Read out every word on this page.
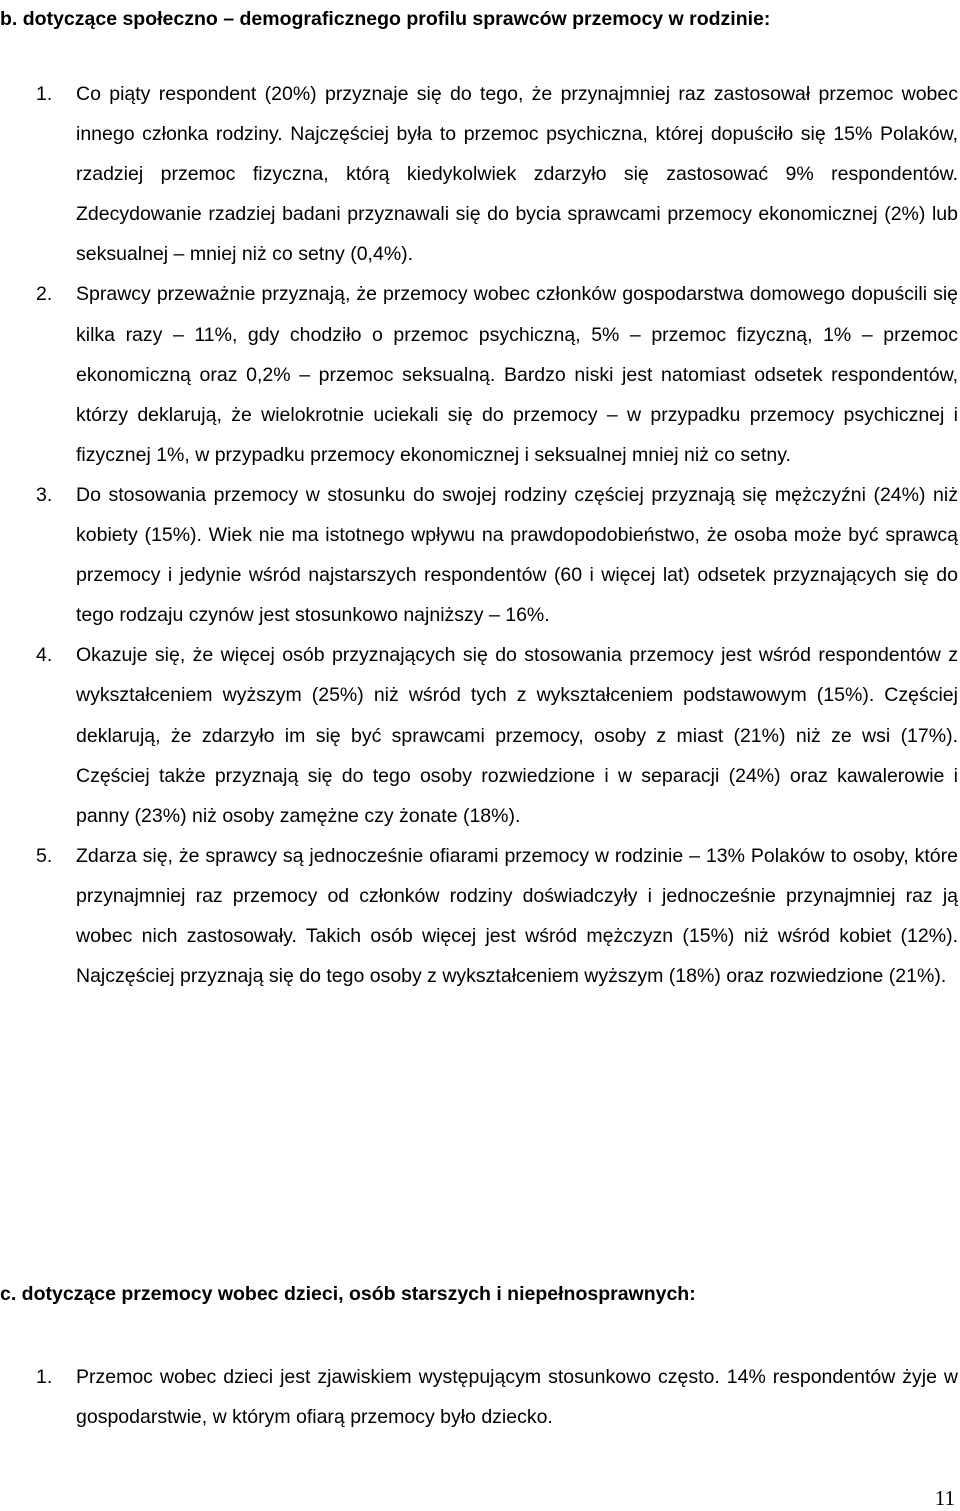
b. dotyczące społeczno – demograficznego profilu sprawców przemocy w rodzinie:
1. Co piąty respondent (20%) przyznaje się do tego, że przynajmniej raz zastosował przemoc wobec innego członka rodziny. Najczęściej była to przemoc psychiczna, której dopuściło się 15% Polaków, rzadziej przemoc fizyczna, którą kiedykolwiek zdarzyło się zastosować 9% respondentów. Zdecydowanie rzadziej badani przyznawali się do bycia sprawcami przemocy ekonomicznej (2%) lub seksualnej – mniej niż co setny (0,4%).
2. Sprawcy przeważnie przyznają, że przemocy wobec członków gospodarstwa domowego dopuścili się kilka razy – 11%, gdy chodziło o przemoc psychiczną, 5% – przemoc fizyczną, 1% – przemoc ekonomiczną oraz 0,2% – przemoc seksualną. Bardzo niski jest natomiast odsetek respondentów, którzy deklarują, że wielokrotnie uciekali się do przemocy – w przypadku przemocy psychicznej i fizycznej 1%, w przypadku przemocy ekonomicznej i seksualnej mniej niż co setny.
3. Do stosowania przemocy w stosunku do swojej rodziny częściej przyznają się mężczyźni (24%) niż kobiety (15%). Wiek nie ma istotnego wpływu na prawdopodobieństwo, że osoba może być sprawcą przemocy i jedynie wśród najstarszych respondentów (60 i więcej lat) odsetek przyznających się do tego rodzaju czynów jest stosunkowo najniższy – 16%.
4. Okazuje się, że więcej osób przyznających się do stosowania przemocy jest wśród respondentów z wykształceniem wyższym (25%) niż wśród tych z wykształceniem podstawowym (15%). Częściej deklarują, że zdarzyło im się być sprawcami przemocy, osoby z miast (21%) niż ze wsi (17%). Częściej także przyznają się do tego osoby rozwiedzione i w separacji (24%) oraz kawalerowie i panny (23%) niż osoby zamężne czy żonate (18%).
5. Zdarza się, że sprawcy są jednocześnie ofiarami przemocy w rodzinie – 13% Polaków to osoby, które przynajmniej raz przemocy od członków rodziny doświadczyły i jednocześnie przynajmniej raz ją wobec nich zastosowały. Takich osób więcej jest wśród mężczyzn (15%) niż wśród kobiet (12%). Najczęściej przyznają się do tego osoby z wykształceniem wyższym (18%) oraz rozwiedzione (21%).
c. dotyczące przemocy wobec dzieci, osób starszych i niepełnosprawnych:
1. Przemoc wobec dzieci jest zjawiskiem występującym stosunkowo często. 14% respondentów żyje w gospodarstwie, w którym ofiarą przemocy było dziecko.
11
